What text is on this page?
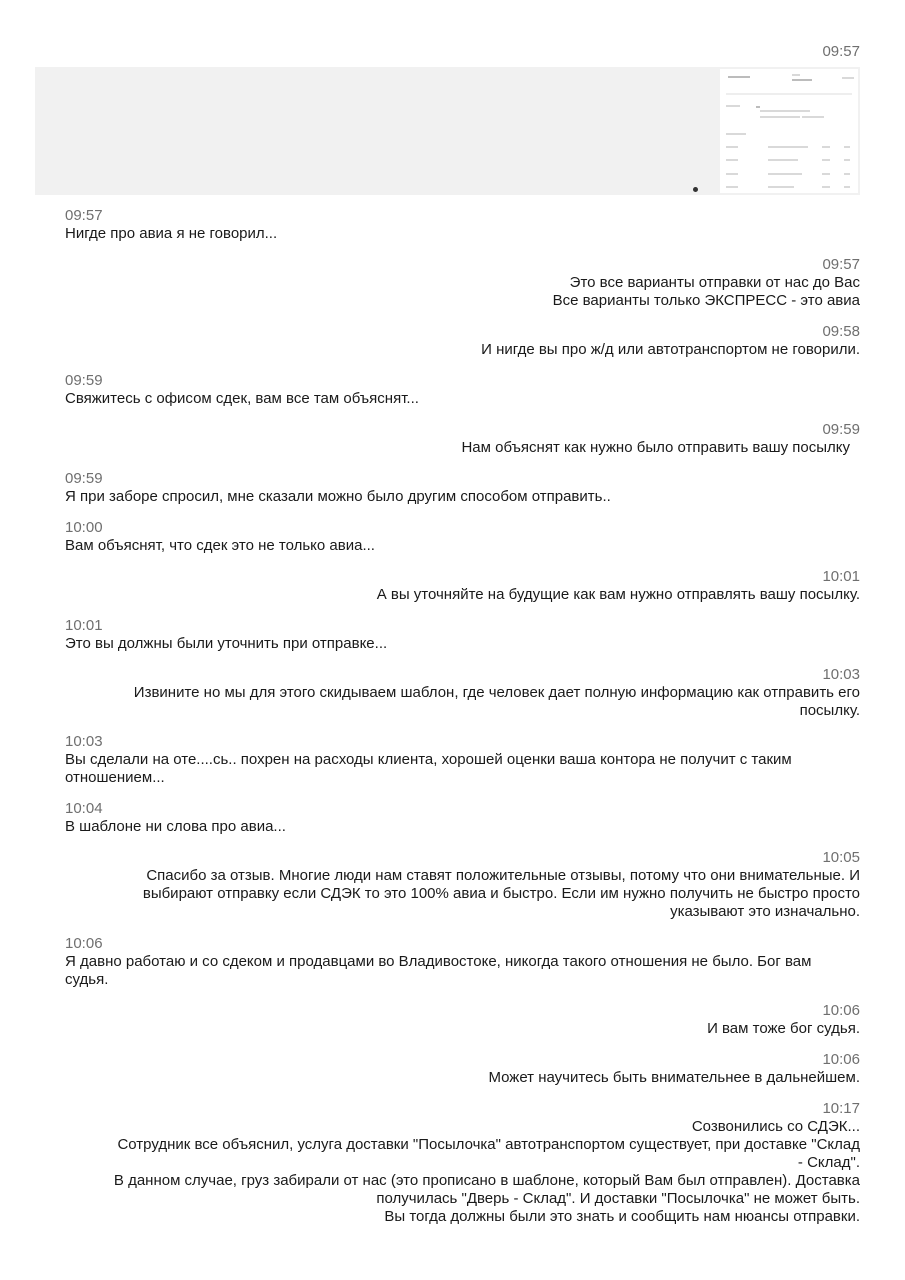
09:57
09:57
Нигде про авиа я не говорил...
09:57
Это все варианты отправки от нас до Вас
Все варианты только ЭКСПРЕСС - это авиа
09:58
И нигде вы про ж/д или автотранспортом не говорили.
09:59
Свяжитесь с офисом сдек, вам все там объяснят...
09:59
Нам объяснят как нужно было отправить вашу посылку
09:59
Я при заборе спросил, мне сказали можно было другим способом отправить..
10:00
Вам объяснят, что сдек это не только авиа...
10:01
А вы уточняйте на будущие как вам нужно отправлять вашу посылку.
10:01
Это вы должны были уточнить при отправке...
10:03
Извините но мы для этого скидываем шаблон, где человек дает полную информацию как отправить его
посылку.
10:03
Вы сделали на оте....сь.. похрен на расходы клиента, хорошей оценки ваша контора не получит с таким
отношением...
10:04
В шаблоне ни слова про авиа...
10:05
Спасибо за отзыв. Многие люди нам ставят положительные отзывы, потому что они внимательные. И
выбирают отправку если СДЭК то это 100% авиа и быстро. Если им нужно получить не быстро просто
указывают это изначально.
10:06
Я давно работаю и со сдеком и продавцами во Владивостоке, никогда такого отношения не было. Бог вам
судья.
10:06
И вам тоже бог судья.
10:06
Может научитесь быть внимательнее в дальнейшем.
10:17
Созвонились со СДЭК...
Сотрудник все объяснил, услуга доставки "Посылочка" автотранспортом существует, при доставке "Склад
- Склад".
В данном случае, груз забирали от нас (это прописано в шаблоне, который Вам был отправлен). Доставка
получилась "Дверь - Склад". И доставки "Посылочка" не может быть.
Вы тогда должны были это знать и сообщить нам нюансы отправки.
